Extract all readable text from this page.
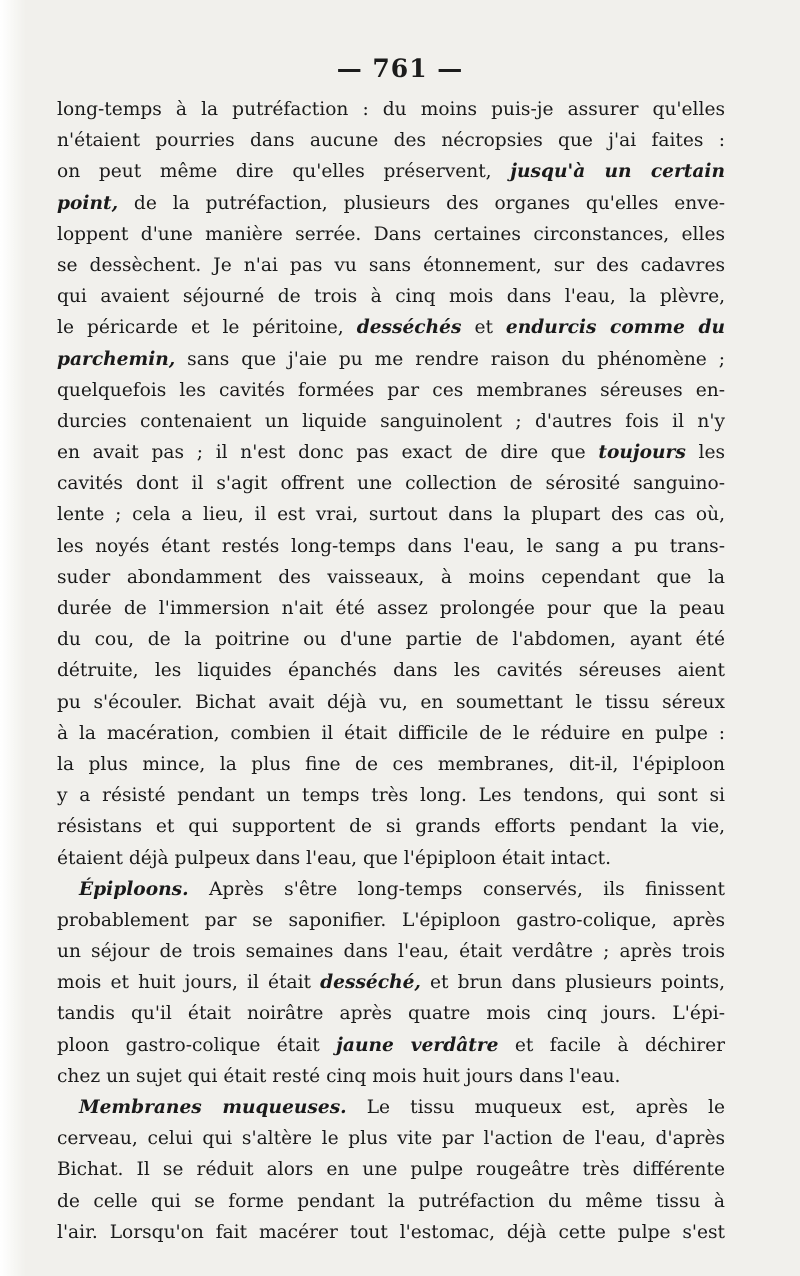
— 761 —
long-temps à la putréfaction : du moins puis-je assurer qu'elles
n'étaient pourries dans aucune des nécropsies que j'ai faites :
on peut même dire qu'elles préservent, jusqu'à un certain
point, de la putréfaction, plusieurs des organes qu'elles enve-
loppent d'une manière serrée. Dans certaines circonstances, elles
se dessèchent. Je n'ai pas vu sans étonnement, sur des cadavres
qui avaient séjourné de trois à cinq mois dans l'eau, la plèvre,
le péricarde et le péritoine, desséchés et endurcis comme du
parchemin, sans que j'aie pu me rendre raison du phénomène ;
quelquefois les cavités formées par ces membranes séreuses en-
durcies contenaient un liquide sanguinolent ; d'autres fois il n'y
en avait pas ; il n'est donc pas exact de dire que toujours les
cavités dont il s'agit offrent une collection de sérosité sanguino-
lente ; cela a lieu, il est vrai, surtout dans la plupart des cas où,
les noyés étant restés long-temps dans l'eau, le sang a pu trans-
suder abondamment des vaisseaux, à moins cependant que la
durée de l'immersion n'ait été assez prolongée pour que la peau
du cou, de la poitrine ou d'une partie de l'abdomen, ayant été
détruite, les liquides épanchés dans les cavités séreuses aient
pu s'écouler. Bichat avait déjà vu, en soumettant le tissu séreux
à la macération, combien il était difficile de le réduire en pulpe :
la plus mince, la plus fine de ces membranes, dit-il, l'épiploon
y a résisté pendant un temps très long. Les tendons, qui sont si
résistans et qui supportent de si grands efforts pendant la vie,
étaient déjà pulpeux dans l'eau, que l'épiploon était intact.
Épiploons. Après s'être long-temps conservés, ils finissent
probablement par se saponifier. L'épiploon gastro-colique, après
un séjour de trois semaines dans l'eau, était verdâtre ; après trois
mois et huit jours, il était desséché, et brun dans plusieurs points,
tandis qu'il était noirâtre après quatre mois cinq jours. L'épi-
ploon gastro-colique était jaune verdâtre et facile à déchirer
chez un sujet qui était resté cinq mois huit jours dans l'eau.
Membranes muqueuses. Le tissu muqueux est, après le
cerveau, celui qui s'altère le plus vite par l'action de l'eau, d'après
Bichat. Il se réduit alors en une pulpe rougeâtre très différente
de celle qui se forme pendant la putréfaction du même tissu à
l'air. Lorsqu'on fait macérer tout l'estomac, déjà cette pulpe s'est
